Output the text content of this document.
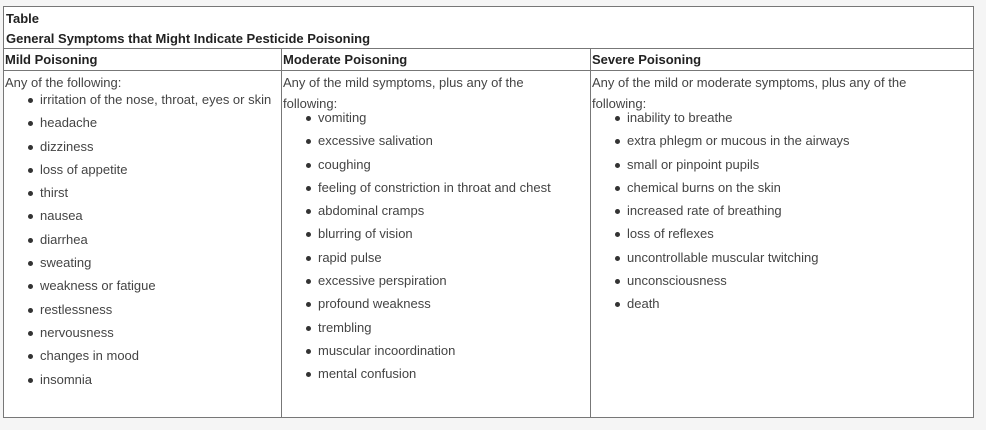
Table
General Symptoms that Might Indicate Pesticide Poisoning
Mild Poisoning	Moderate Poisoning	Severe Poisoning
Any of the following:
irritation of the nose, throat, eyes or skin
headache
dizziness
loss of appetite
thirst
nausea
diarrhea
sweating
weakness or fatigue
restlessness
nervousness
changes in mood
insomnia
Any of the mild symptoms, plus any of the following:
vomiting
excessive salivation
coughing
feeling of constriction in throat and chest
abdominal cramps
blurring of vision
rapid pulse
excessive perspiration
profound weakness
trembling
muscular incoordination
mental confusion
Any of the mild or moderate symptoms, plus any of the following:
inability to breathe
extra phlegm or mucous in the airways
small or pinpoint pupils
chemical burns on the skin
increased rate of breathing
loss of reflexes
uncontrollable muscular twitching
unconsciousness
death
